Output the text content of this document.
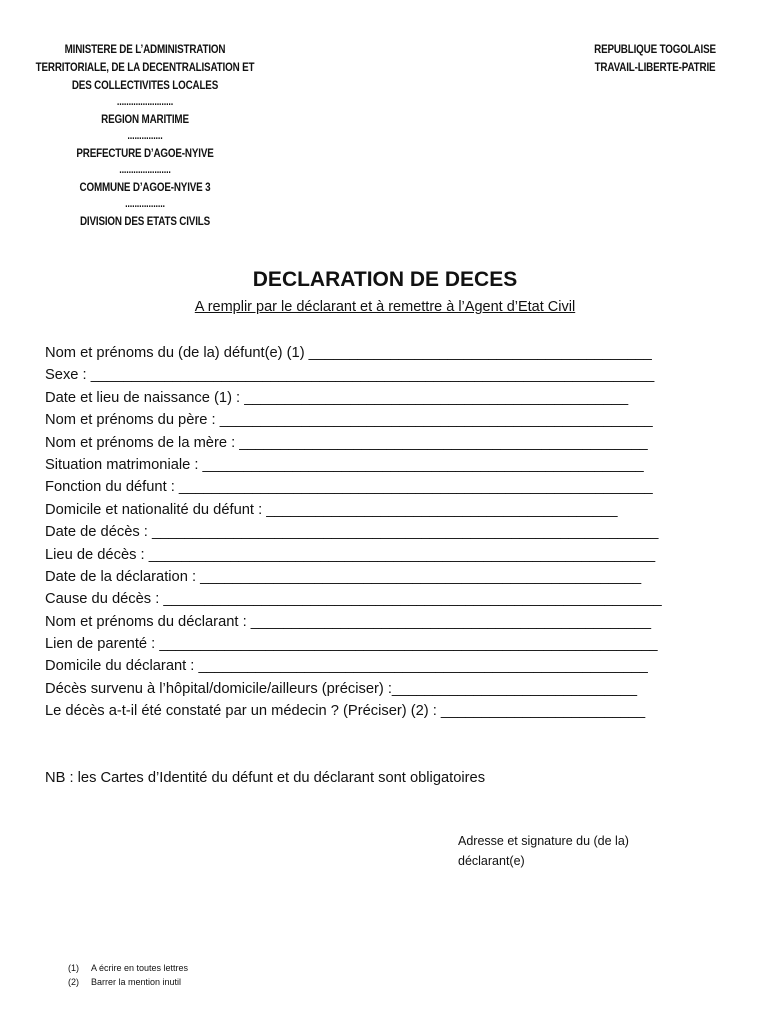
MINISTERE DE L’ADMINISTRATION
TERRITORIALE, DE LA DECENTRALISATION ET
DES COLLECTIVITES LOCALES
........................
REGION MARITIME
...............
PREFECTURE D’AGOE-NYIVE
......................
COMMUNE D’AGOE-NYIVE 3
.................
DIVISION DES ETATS CIVILS
REPUBLIQUE TOGOLAISE
TRAVAIL-LIBERTE-PATRIE
DECLARATION DE DECES
A remplir par le déclarant et à remettre à l’Agent d’Etat Civil
Nom et prénoms du (de la) défunt(e) (1) __________________________________________
Sexe : _____________________________________________________________________
Date et lieu de naissance (1) : _______________________________________________
Nom et prénoms du père : _____________________________________________________
Nom et prénoms de la mère : __________________________________________________
Situation matrimoniale : ______________________________________________________
Fonction du défunt : __________________________________________________________
Domicile et nationalité du défunt : ___________________________________________
Date de décès : ______________________________________________________________
Lieu de décès : ______________________________________________________________
Date de la déclaration : ______________________________________________________
Cause du décès : _____________________________________________________________
Nom et prénoms du déclarant : _________________________________________________
Lien de parenté : _____________________________________________________________
Domicile du déclarant : _______________________________________________________
Décès survenu à l’hôpital/domicile/ailleurs (préciser) :______________________________
Le décès a-t-il été constaté par un médecin ? (Préciser) (2) : _________________________
NB : les Cartes d’Identité du défunt et du déclarant sont obligatoires
Adresse et signature du (de la)
déclarant(e)
(1) A écrire en toutes lettres
(2) Barrer la mention inutil
